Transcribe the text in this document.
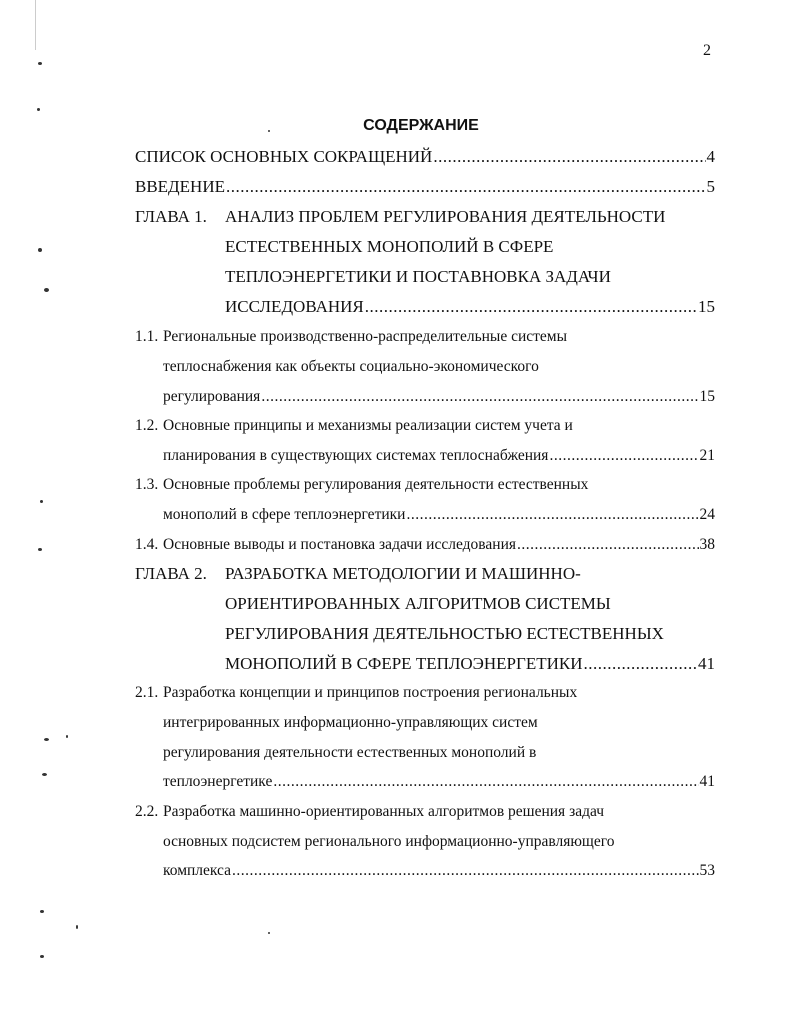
2
СОДЕРЖАНИЕ
СПИСОК ОСНОВНЫХ СОКРАЩЕНИЙ .....	4
ВВЕДЕНИЕ .....	5
ГЛАВА 1. АНАЛИЗ ПРОБЛЕМ РЕГУЛИРОВАНИЯ ДЕЯТЕЛЬНОСТИ
ЕСТЕСТВЕННЫХ МОНОПОЛИЙ В СФЕРЕ
ТЕПЛОЭНЕРГЕТИКИ И ПОСТАВНОВКА ЗАДАЧИ
ИССЛЕДОВАНИЯ .....	15
1.1. Региональные производственно-распределительные системы
теплоснабжения как объекты социально-экономического
регулирования .....	15
1.2. Основные принципы и механизмы реализации систем учета и
планирования в существующих системах теплоснабжения .....	21
1.3. Основные проблемы регулирования деятельности естественных
монополий в сфере теплоэнергетики .....	24
1.4. Основные выводы и постановка задачи исследования .....	38
ГЛАВА 2. РАЗРАБОТКА МЕТОДОЛОГИИ И МАШИННО-
ОРИЕНТИРОВАННЫХ АЛГОРИТМОВ СИСТЕМЫ
РЕГУЛИРОВАНИЯ ДЕЯТЕЛЬНОСТЬЮ ЕСТЕСТВЕННЫХ
МОНОПОЛИЙ В СФЕРЕ ТЕПЛОЭНЕРГЕТИКИ .....	41
2.1. Разработка концепции и принципов построения региональных
интегрированных информационно-управляющих систем
регулирования деятельности естественных монополий в
теплоэнергетике .....	41
2.2. Разработка машинно-ориентированных алгоритмов решения задач
основных подсистем регионального информационно-управляющего
комплекса .....	53
